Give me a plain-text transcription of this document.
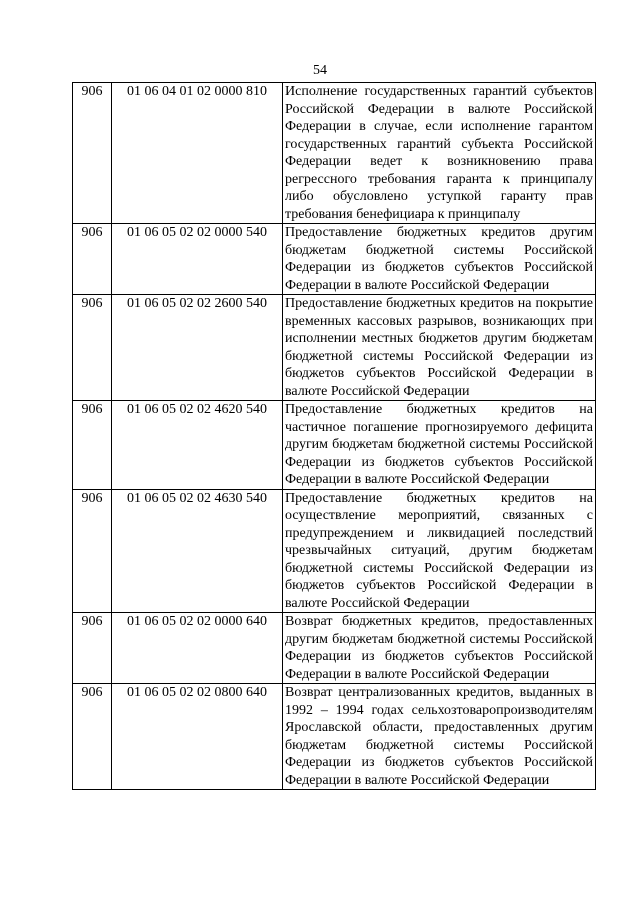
54
906	01 06 04 01 02 0000 810	Исполнение государственных гарантий субъектов Российской Федерации в валюте Российской Федерации в случае, если исполнение гарантом государственных гарантий субъекта Российской Федерации ведет к возникновению права регрессного требования гаранта к принципалу либо обусловлено уступкой гаранту прав требования бенефициара к принципалу
906	01 06 05 02 02 0000 540	Предоставление бюджетных кредитов другим бюджетам бюджетной системы Российской Федерации из бюджетов субъектов Российской Федерации в валюте Российской Федерации
906	01 06 05 02 02 2600 540	Предоставление бюджетных кредитов на покрытие временных кассовых разрывов, возникающих при исполнении местных бюджетов другим бюджетам бюджетной системы Российской Федерации из бюджетов субъектов Российской Федерации в валюте Российской Федерации
906	01 06 05 02 02 4620 540	Предоставление бюджетных кредитов на частичное погашение прогнозируемого дефицита другим бюджетам бюджетной системы Российской Федерации из бюджетов субъектов Российской Федерации в валюте Российской Федерации
906	01 06 05 02 02 4630 540	Предоставление бюджетных кредитов на осуществление мероприятий, связанных с предупреждением и ликвидацией последствий чрезвычайных ситуаций, другим бюджетам бюджетной системы Российской Федерации из бюджетов субъектов Российской Федерации в валюте Российской Федерации
906	01 06 05 02 02 0000 640	Возврат бюджетных кредитов, предоставленных другим бюджетам бюджетной системы Российской Федерации из бюджетов субъектов Российской Федерации в валюте Российской Федерации
906	01 06 05 02 02 0800 640	Возврат централизованных кредитов, выданных в 1992 – 1994 годах сельхозтоваропроизводителям Ярославской области, предоставленных другим бюджетам бюджетной системы Российской Федерации из бюджетов субъектов Российской Федерации в валюте Российской Федерации
